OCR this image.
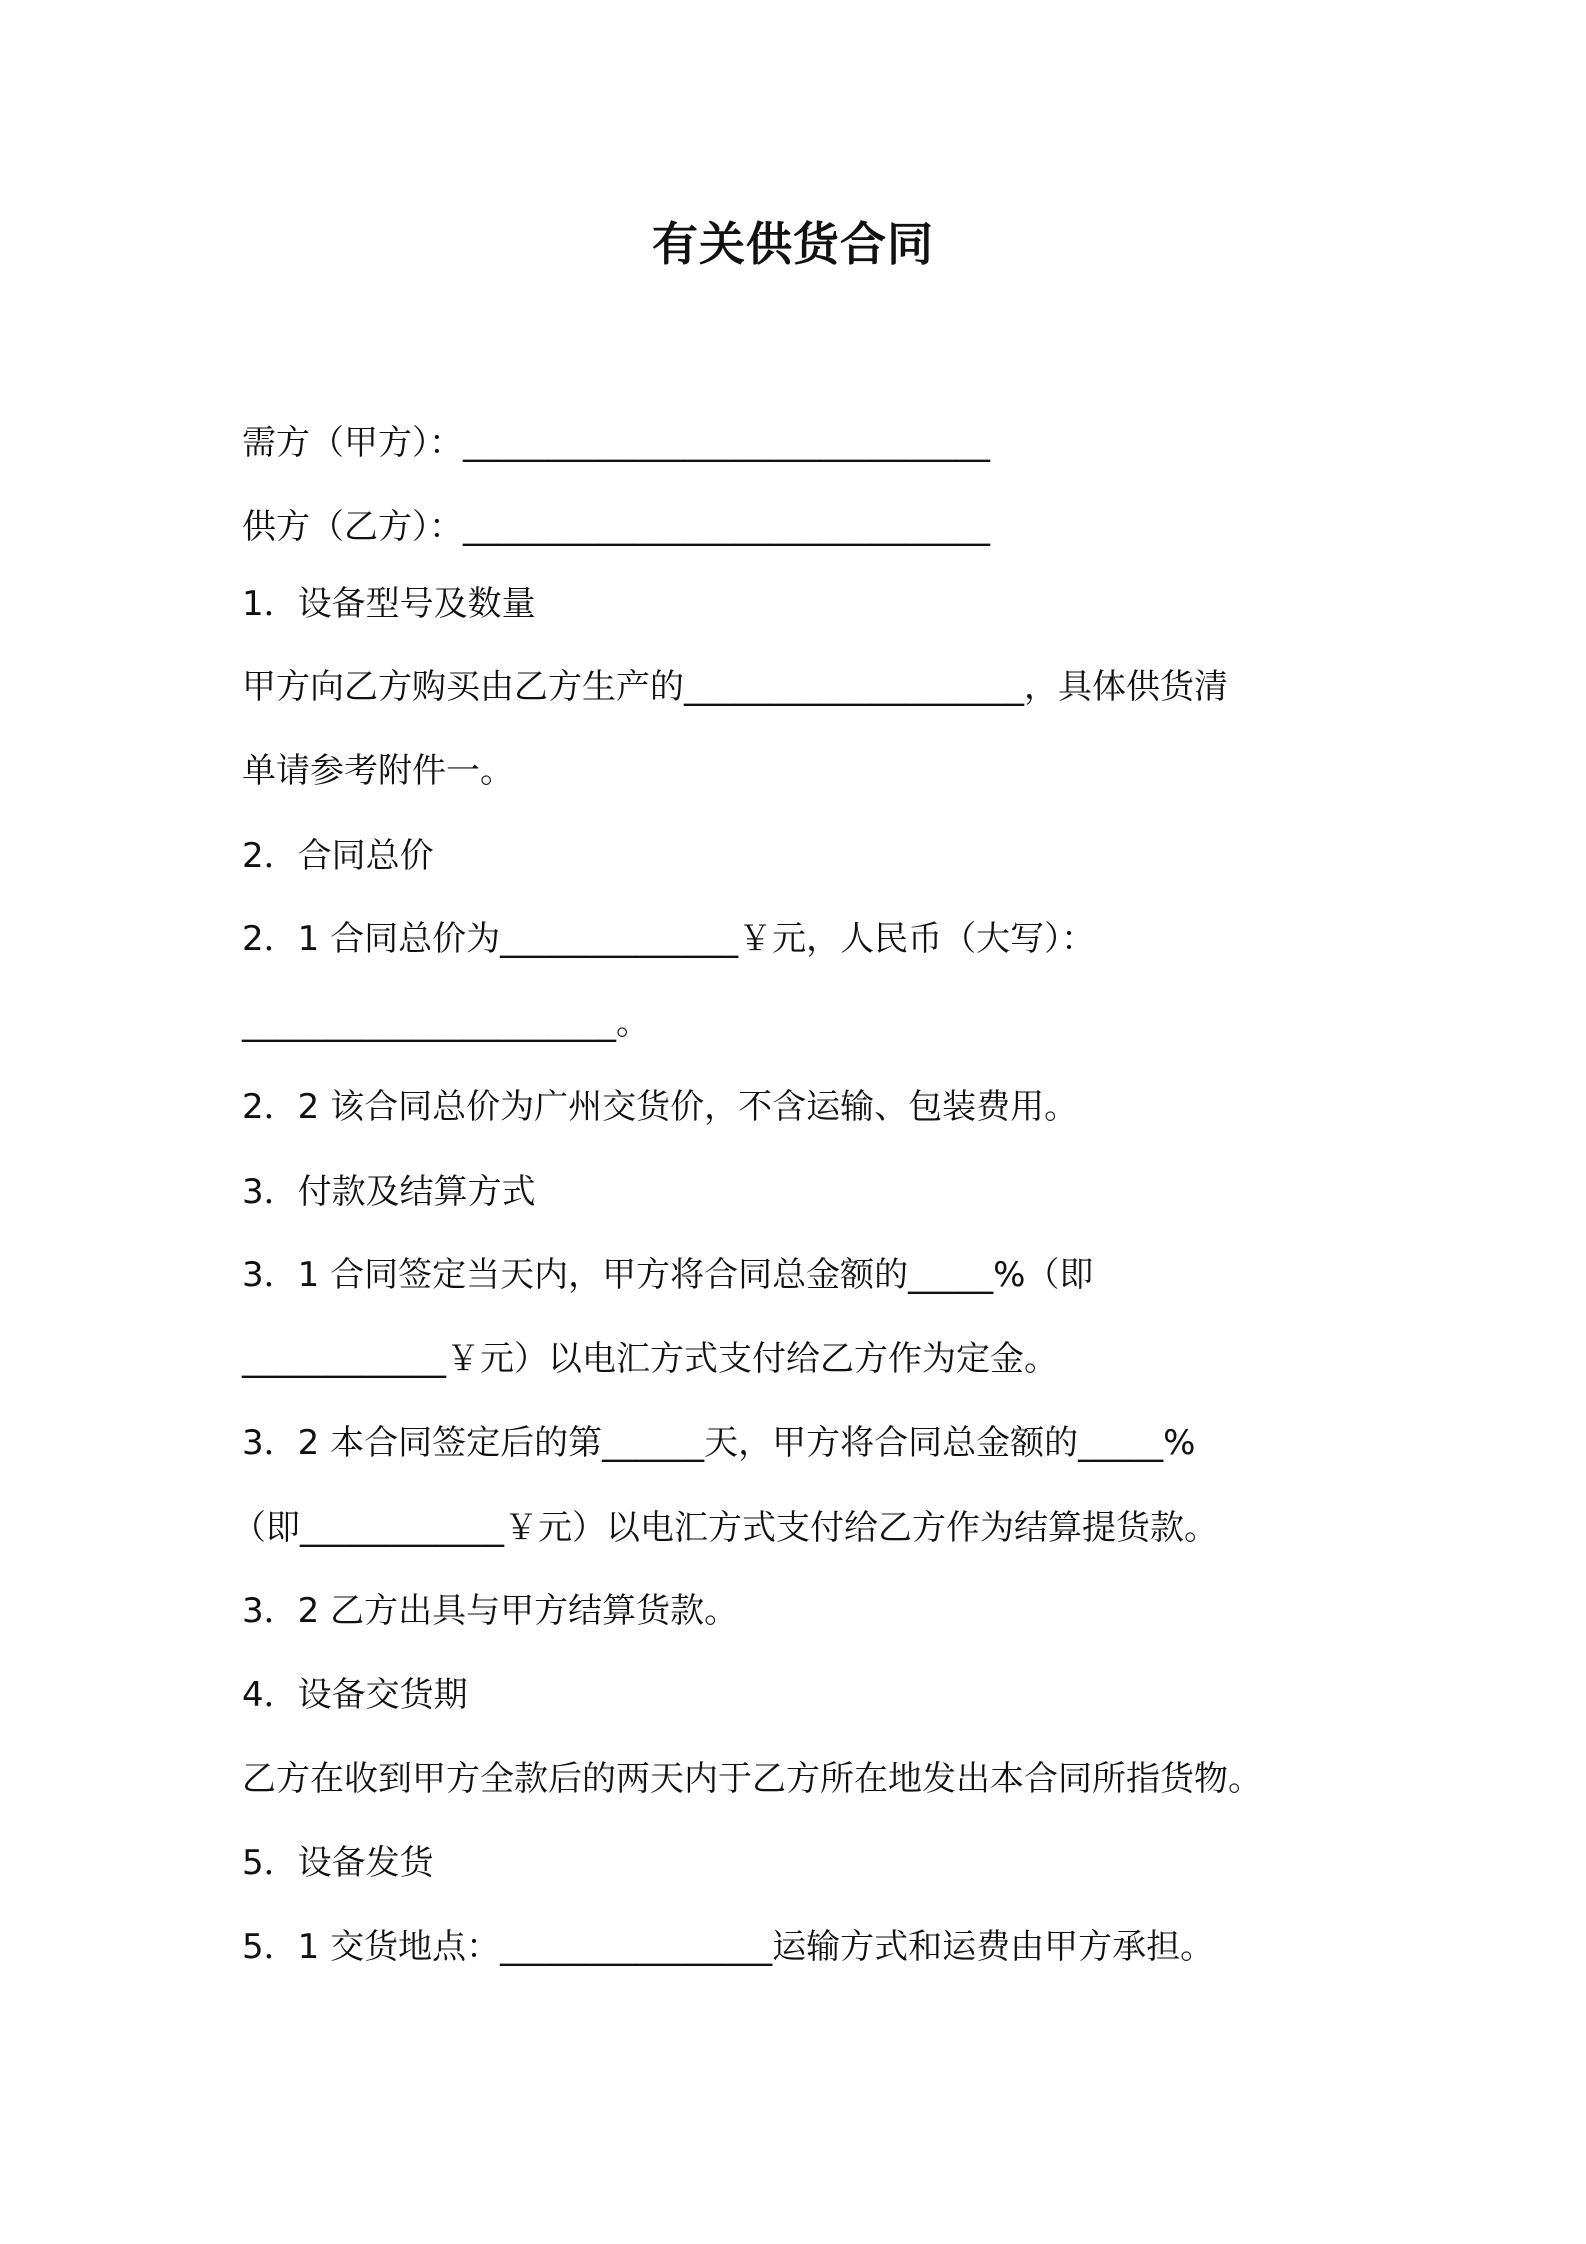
有关供货合同
需方（甲方）：_______________________________
供方（乙方）：_______________________________
1．设备型号及数量
甲方向乙方购买由乙方生产的____________________，具体供货清
单请参考附件一。
2．合同总价
2．1 合同总价为______________￥元，人民币（大写）：
______________________。
2．2 该合同总价为广州交货价，不含运输、包装费用。
3．付款及结算方式
3．1 合同签定当天内，甲方将合同总金额的_____%（即
____________￥元）以电汇方式支付给乙方作为定金。
3．2 本合同签定后的第______天，甲方将合同总金额的_____%
（即____________￥元）以电汇方式支付给乙方作为结算提货款。
3．2 乙方出具与甲方结算货款。
4．设备交货期
乙方在收到甲方全款后的两天内于乙方所在地发出本合同所指货物。
5．设备发货
5．1 交货地点：________________运输方式和运费由甲方承担。
